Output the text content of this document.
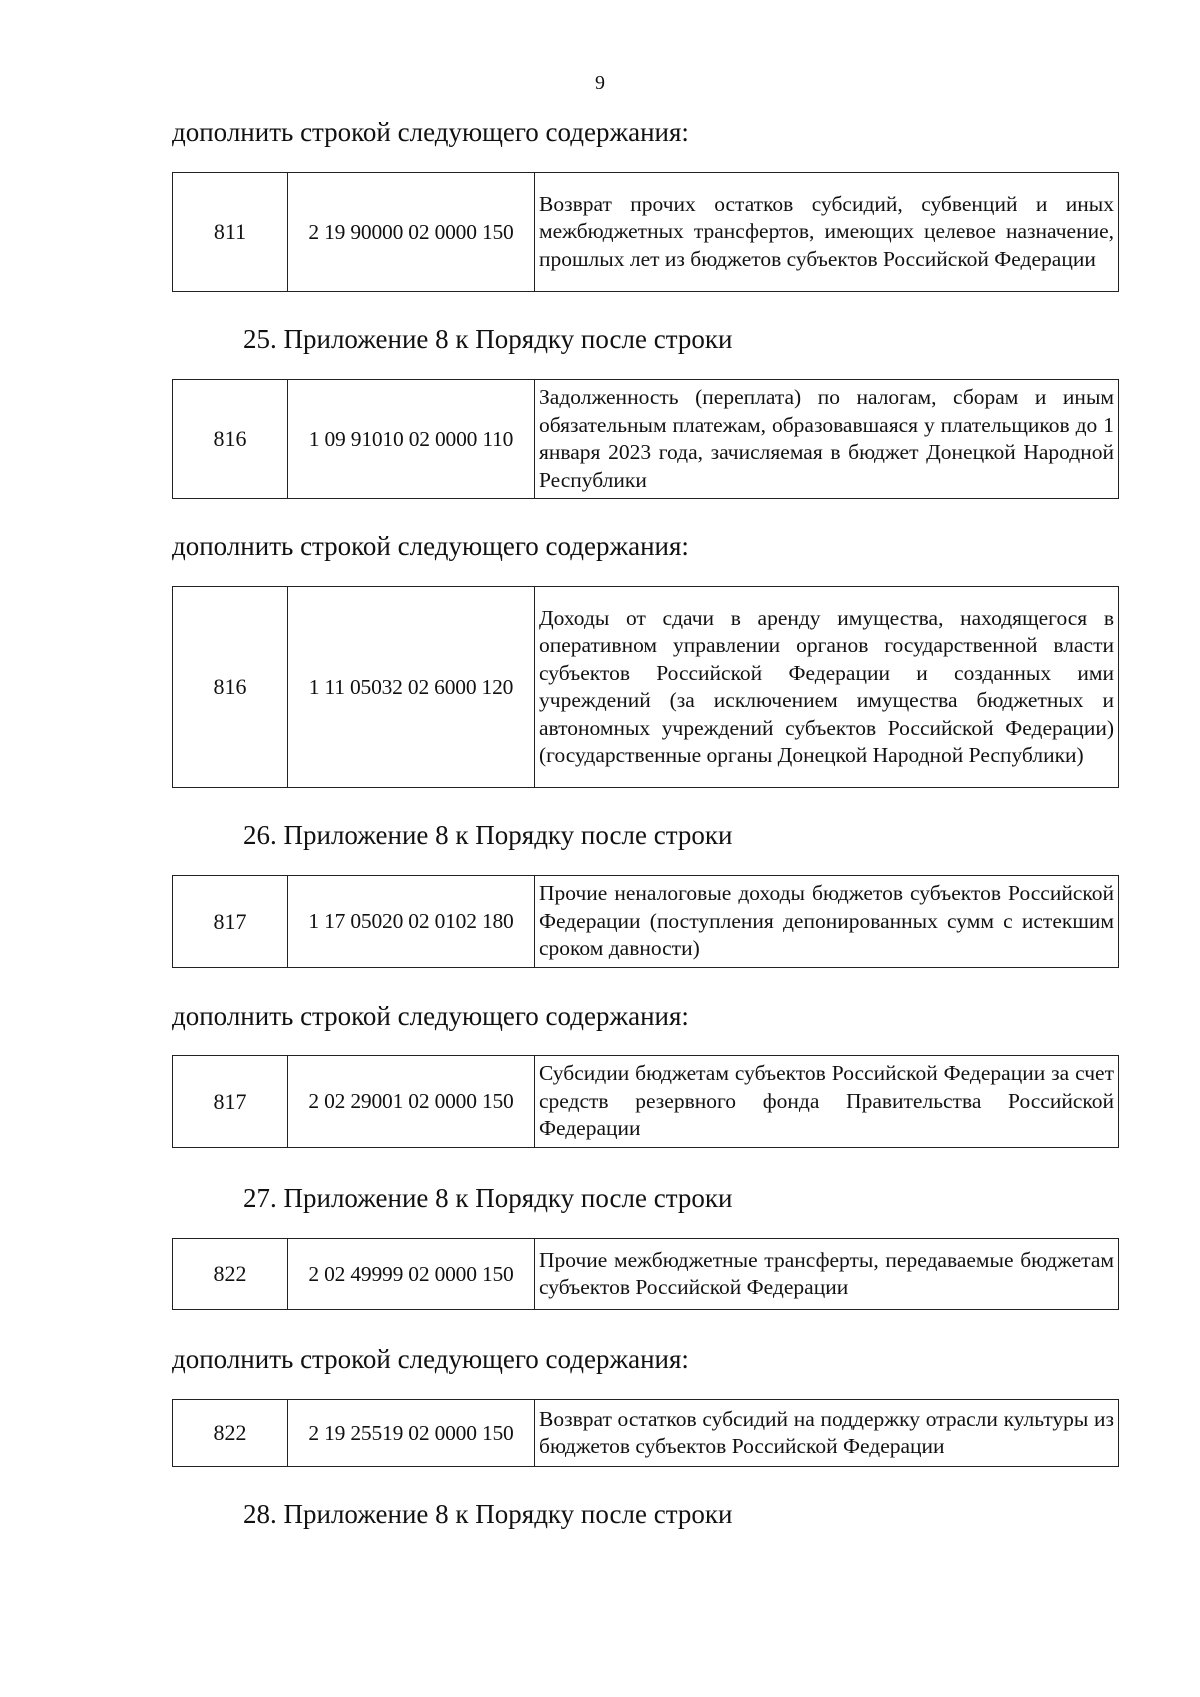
9
дополнить строкой следующего содержания:
811	2 19 90000 02 0000 150	Возврат прочих остатков субсидий, субвенций и иных межбюджетных трансфертов, имеющих целевое назначение, прошлых лет из бюджетов субъектов Российской Федерации
25. Приложение 8 к Порядку после строки
816	1 09 91010 02 0000 110	Задолженность (переплата) по налогам, сборам и иным обязательным платежам, образовавшаяся у плательщиков до 1 января 2023 года, зачисляемая в бюджет Донецкой Народной Республики
дополнить строкой следующего содержания:
816	1 11 05032 02 6000 120	Доходы от сдачи в аренду имущества, находящегося в оперативном управлении органов государственной власти субъектов Российской Федерации и созданных ими учреждений (за исключением имущества бюджетных и автономных учреждений субъектов Российской Федерации) (государственные органы Донецкой Народной Республики)
26. Приложение 8 к Порядку после строки
817	1 17 05020 02 0102 180	Прочие неналоговые доходы бюджетов субъектов Российской Федерации (поступления депонированных сумм с истекшим сроком давности)
дополнить строкой следующего содержания:
817	2 02 29001 02 0000 150	Субсидии бюджетам субъектов Российской Федерации за счет средств резервного фонда Правительства Российской Федерации
27. Приложение 8 к Порядку после строки
822	2 02 49999 02 0000 150	Прочие межбюджетные трансферты, передаваемые бюджетам субъектов Российской Федерации
дополнить строкой следующего содержания:
822	2 19 25519 02 0000 150	Возврат остатков субсидий на поддержку отрасли культуры из бюджетов субъектов Российской Федерации
28. Приложение 8 к Порядку после строки
